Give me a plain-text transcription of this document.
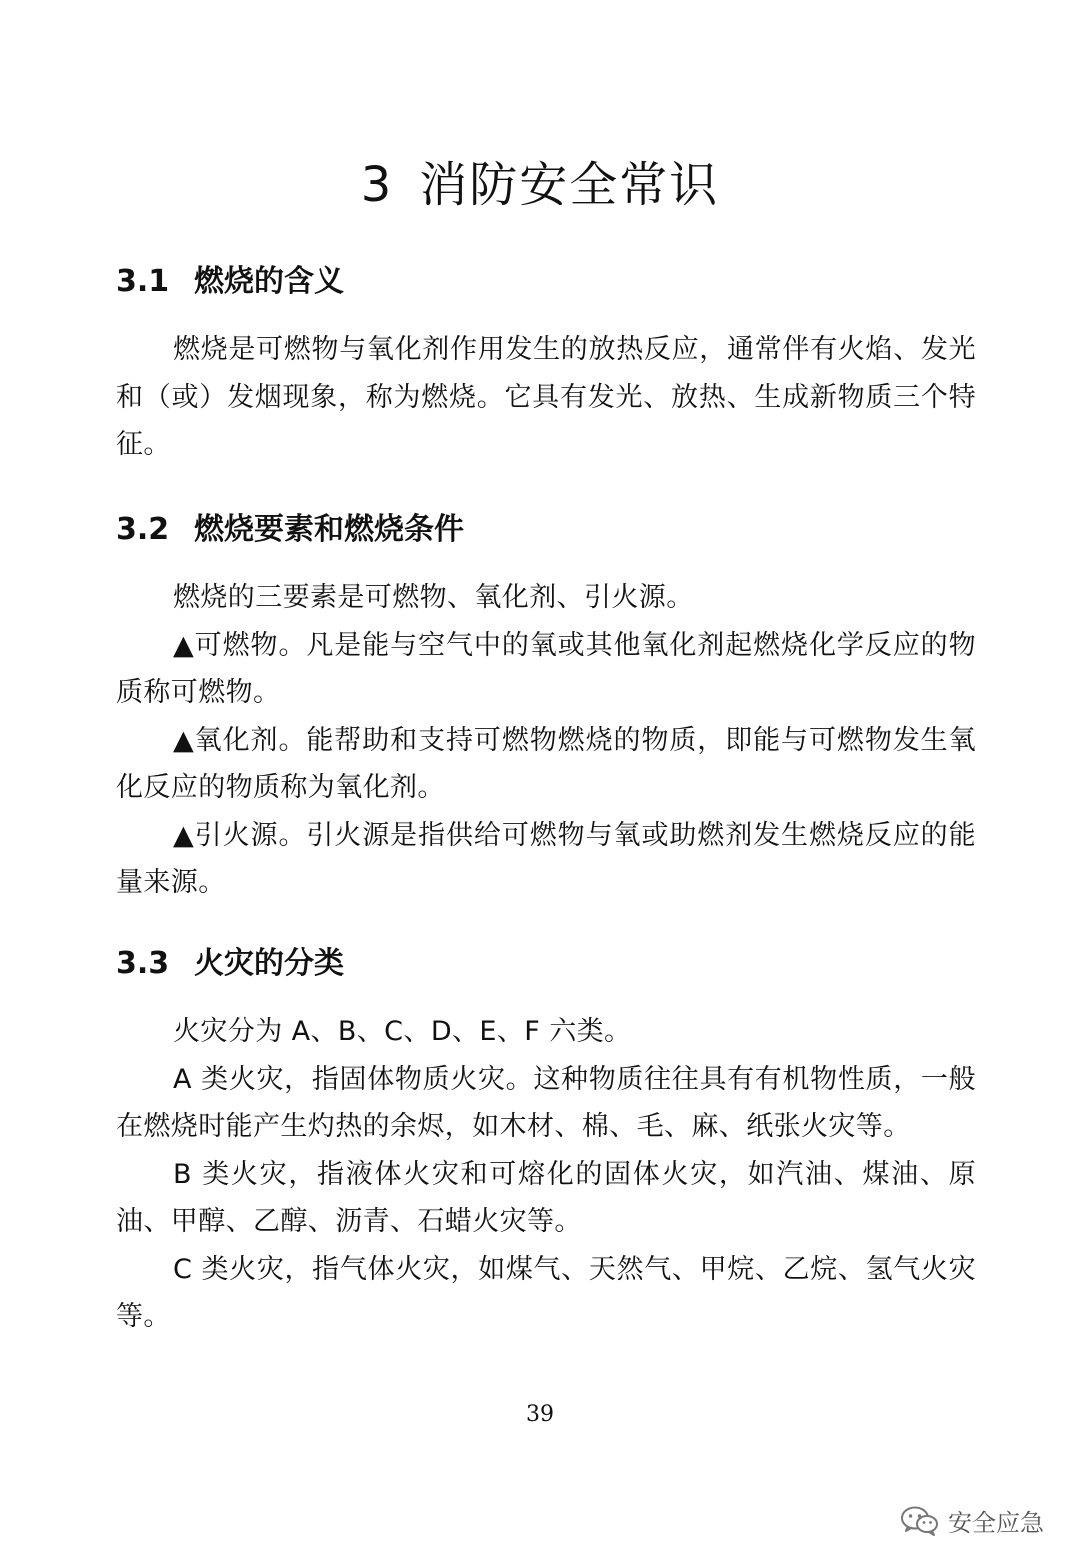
3 消防安全常识
3.1 燃烧的含义

燃烧是可燃物与氧化剂作用发生的放热反应，通常伴有火焰、发光和（或）发烟现象，称为燃烧。它具有发光、放热、生成新物质三个特征。

3.2 燃烧要素和燃烧条件

燃烧的三要素是可燃物、氧化剂、引火源。

▲可燃物。凡是能与空气中的氧或其他氧化剂起燃烧化学反应的物质称可燃物。

▲氧化剂。能帮助和支持可燃物燃烧的物质，即能与可燃物发生氧化反应的物质称为氧化剂。

▲引火源。引火源是指供给可燃物与氧或助燃剂发生燃烧反应的能量来源。

3.3 火灾的分类

火灾分为 A、B、C、D、E、F 六类。

A 类火灾，指固体物质火灾。这种物质往往具有有机物性质，一般在燃烧时能产生灼热的余烬，如木材、棉、毛、麻、纸张火灾等。

B 类火灾，指液体火灾和可熔化的固体火灾，如汽油、煤油、原油、甲醇、乙醇、沥青、石蜡火灾等。

C 类火灾，指气体火灾，如煤气、天然气、甲烷、乙烷、氢气火灾等。

39
安全应急
